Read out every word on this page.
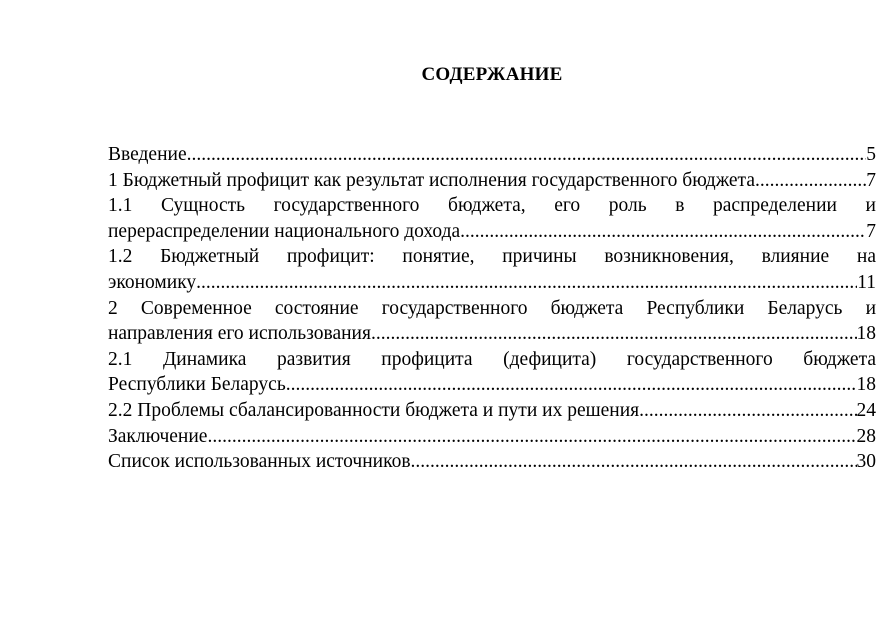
СОДЕРЖАНИЕ
Введение .....	5
1 Бюджетный профицит как результат исполнения государственного бюджета .....	7
1.1 Сущность государственного бюджета, его роль в распределении и
перераспределении национального дохода .....	7
1.2 Бюджетный профицит: понятие, причины возникновения, влияние на
экономику .....	11
2 Современное состояние государственного бюджета Республики Беларусь и
направления его использования .....	18
2.1 Динамика развития профицита (дефицита) государственного бюджета
Республики Беларусь .....	18
2.2 Проблемы сбалансированности бюджета и пути их решения .....	24
Заключение .....	28
Список использованных источников .....	30
